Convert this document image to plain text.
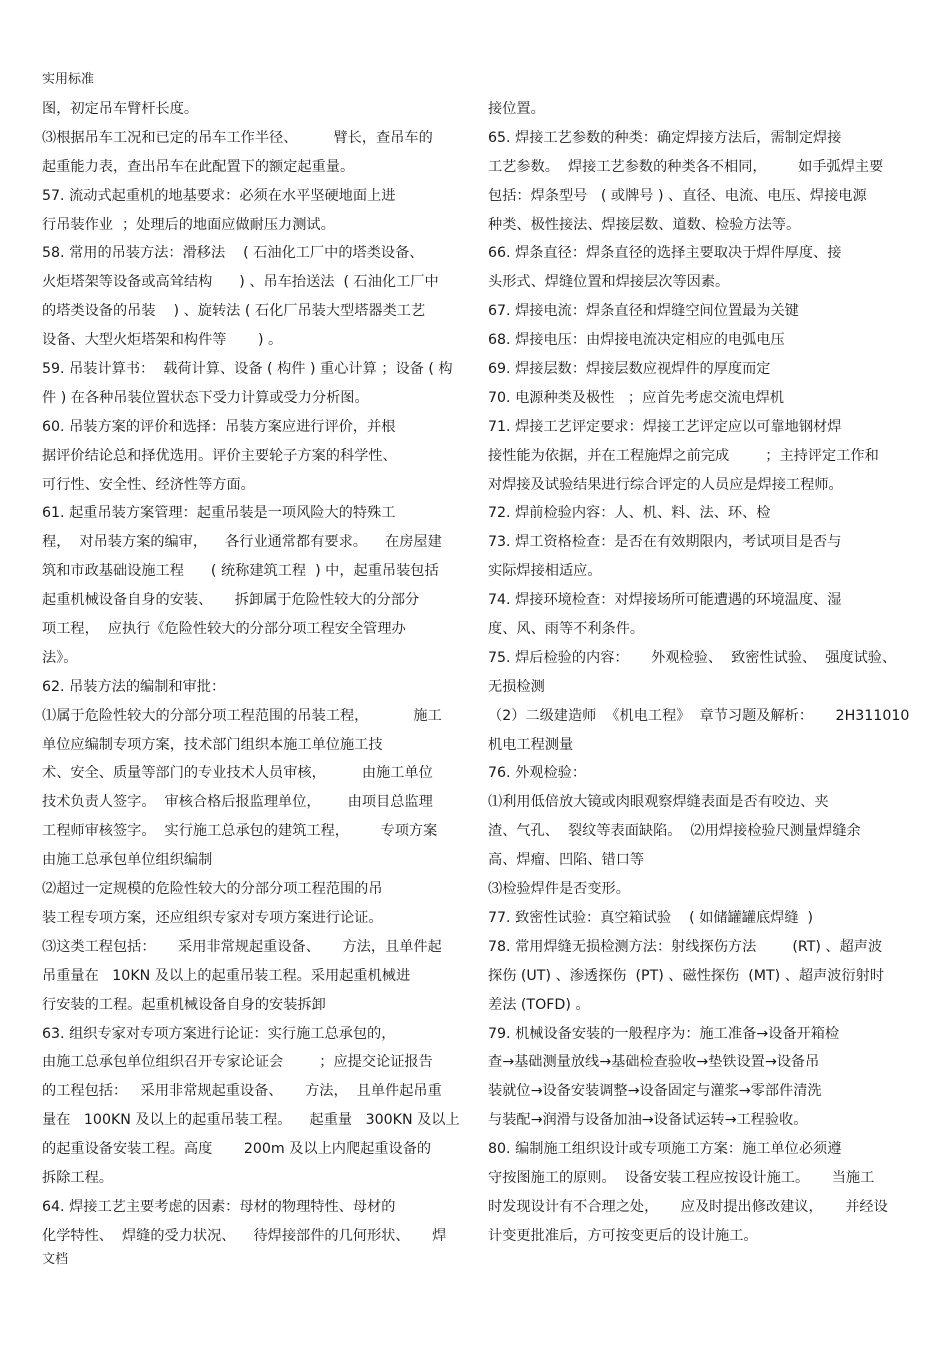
实用标准
图，初定吊车臂杆长度。
⑶根据吊车工况和已定的吊车工作半径、        臂长，查吊车的
起重能力表，查出吊车在此配置下的额定起重量。
57. 流动式起重机的地基要求：必须在水平坚硬地面上进
行吊装作业  ；处理后的地面应做耐压力测试。
58. 常用的吊装方法：滑移法    ( 石油化工厂中的塔类设备、
火炬塔架等设备或高耸结构      ) 、吊车抬送法  ( 石油化工厂中
的塔类设备的吊装    ) 、旋转法 ( 石化厂吊装大型塔器类工艺
设备、大型火炬塔架和构件等       ) 。
59. 吊装计算书：  载荷计算、设备 ( 构件 ) 重心计算 ；设备 ( 构
件 ) 在各种吊装位置状态下受力计算或受力分析图。
60. 吊装方案的评价和选择：吊装方案应进行评价，并根
据评价结论总和择优选用。评价主要轮子方案的科学性、
可行性、安全性、经济性等方面。
61. 起重吊装方案管理：起重吊装是一项风险大的特殊工
程，  对吊装方案的编审，    各行业通常都有要求。    在房屋建
筑和市政基础设施工程      ( 统称建筑工程  ) 中，起重吊装包括
起重机械设备自身的安装、     拆卸属于危险性较大的分部分
项工程，  应执行《危险性较大的分部分项工程安全管理办
法》。
62. 吊装方法的编制和审批：
⑴属于危险性较大的分部分项工程范围的吊装工程，          施工
单位应编制专项方案，技术部门组织本施工单位施工技
术、安全、质量等部门的专业技术人员审核，        由施工单位
技术负责人签字。  审核合格后报监理单位，      由项目总监理
工程师审核签字。  实行施工总承包的建筑工程，       专项方案
由施工总承包单位组织编制
⑵超过一定规模的危险性较大的分部分项工程范围的吊
装工程专项方案，还应组织专家对专项方案进行论证。
⑶这类工程包括：     采用非常规起重设备、     方法，且单件起
吊重量在   10KN 及以上的起重吊装工程。采用起重机械进
行安装的工程。起重机械设备自身的安装拆卸
63. 组织专家对专项方案进行论证：实行施工总承包的，
由施工总承包单位组织召开专家论证会        ；应提交论证报告
的工程包括：   采用非常规起重设备、     方法，  且单件起吊重
量在   100KN 及以上的起重吊装工程。    起重量   300KN 及以上
的起重设备安装工程。高度       200m 及以上内爬起重设备的
拆除工程。
64. 焊接工艺主要考虑的因素：母材的物理特性、母材的
化学特性、  焊缝的受力状况、    待焊接部件的几何形状、     焊
接位置。
65. 焊接工艺参数的种类：确定焊接方法后，需制定焊接
工艺参数。  焊接工艺参数的种类各不相同，       如手弧焊主要
包括：焊条型号   ( 或牌号 ) 、直径、电流、电压、焊接电源
种类、极性接法、焊接层数、道数、检验方法等。
66. 焊条直径：焊条直径的选择主要取决于焊件厚度、接
头形式、焊缝位置和焊接层次等因素。
67. 焊接电流：焊条直径和焊缝空间位置最为关键
68. 焊接电压：由焊接电流决定相应的电弧电压
69. 焊接层数：焊接层数应视焊件的厚度而定
70. 电源种类及极性   ；应首先考虑交流电焊机
71. 焊接工艺评定要求：焊接工艺评定应以可靠地钢材焊
接性能为依据，并在工程施焊之前完成        ；主持评定工作和
对焊接及试验结果进行综合评定的人员应是焊接工程师。
72. 焊前检验内容：人、机、料、法、环、检
73. 焊工资格检查：是否在有效期限内，考试项目是否与
实际焊接相适应。
74. 焊接环境检查：对焊接场所可能遭遇的环境温度、湿
度、风、雨等不利条件。
75. 焊后检验的内容：     外观检验、  致密性试验、  强度试验、
无损检测
（2）二级建造师  《机电工程》  章节习题及解析：     2H311010
机电工程测量
76. 外观检验：
⑴利用低倍放大镜或肉眼观察焊缝表面是否有咬边、夹
渣、气孔、  裂纹等表面缺陷。  ⑵用焊接检验尺测量焊缝余
高、焊瘤、凹陷、错口等
⑶检验焊件是否变形。
77. 致密性试验：真空箱试验    ( 如储罐罐底焊缝  )
78. 常用焊缝无损检测方法：射线探伤方法        (RT) 、超声波
探伤 (UT) 、渗透探伤  (PT) 、磁性探伤  (MT) 、超声波衍射时
差法 (TOFD) 。
79. 机械设备安装的一般程序为：施工准备→设备开箱检
查→基础测量放线→基础检查验收→垫铁设置→设备吊
装就位→设备安装调整→设备固定与灌浆→零部件清洗
与装配→润滑与设备加油→设备试运转→工程验收。
80. 编制施工组织设计或专项施工方案：施工单位必须遵
守按图施工的原则。  设备安装工程应按设计施工。     当施工
时发现设计有不合理之处，     应及时提出修改建议，     并经设
计变更批准后，方可按变更后的设计施工。
文档
